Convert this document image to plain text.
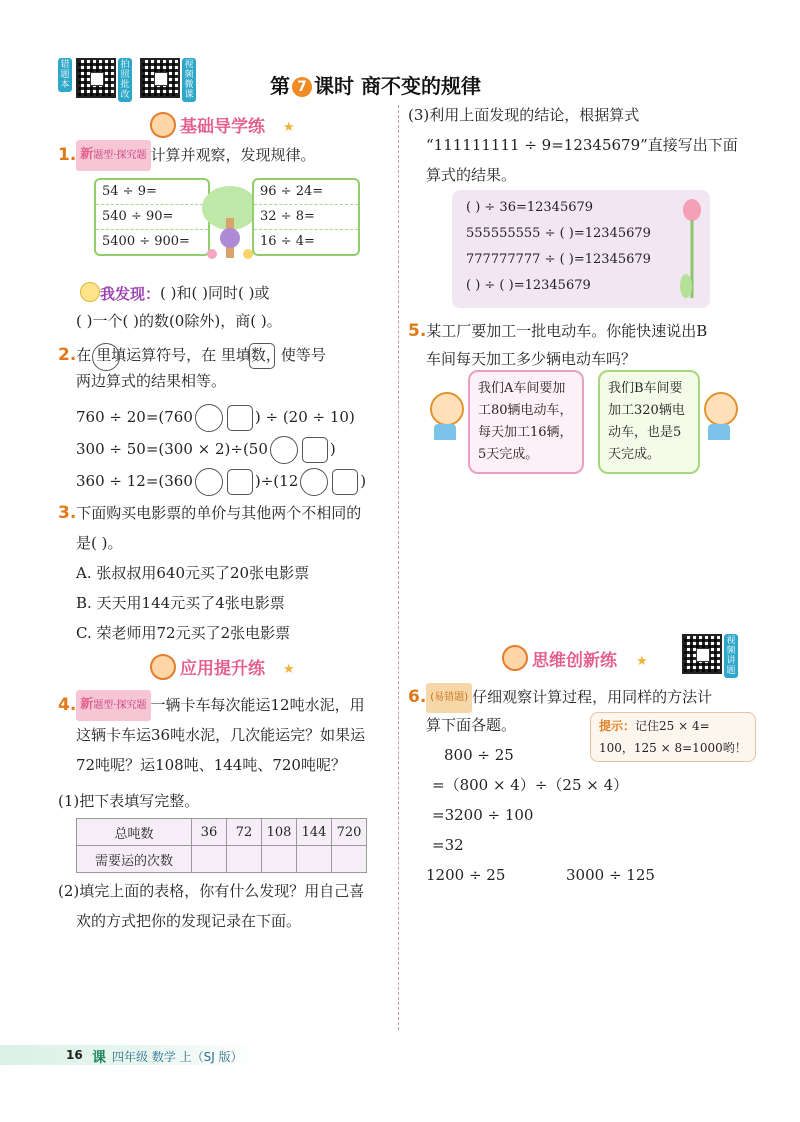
错题本
拍照批改
视频微课	第 7 课时 商不变的规律
基础导学练 ★
1. 新题型·探究题 计算并观察，发现规律。
54 ÷ 9=
540 ÷ 90=
5400 ÷ 900=
96 ÷ 24=
32 ÷ 8=
16 ÷ 4=
我发现： ( )和( )同时( )或
( )一个( )的数(0除外)，商( )。
2.在 里填运算符号，在 里填数，使等号
两边算式的结果相等。
760 ÷ 20=(760	) ÷ (20 ÷ 10)
300 ÷ 50=(300 × 2)÷(50	)
360 ÷ 12=(360	)÷(12	)
3.下面购买电影票的单价与其他两个不相同的
是( )。
A. 张叔叔用640元买了20张电影票
B. 天天用144元买了4张电影票
C. 荣老师用72元买了2张电影票
应用提升练 ★
4. 新题型·探究题 一辆卡车每次能运12吨水泥，用
这辆卡车运36吨水泥，几次能运完？如果运
72吨呢？运108吨、144吨、720吨呢？
(1)把下表填写完整。
总吨数	36	72	108	144	720
需要运的次数					
(2)填完上面的表格，你有什么发现？用自己喜
欢的方式把你的发现记录在下面。
(3)利用上面发现的结论，根据算式
“111111111 ÷ 9=12345679”直接写出下面
算式的结果。
( ) ÷ 36=12345679
555555555 ÷ ( )=12345679
777777777 ÷ ( )=12345679
( ) ÷ ( )=12345679
5.某工厂要加工一批电动车。你能快速说出B
车间每天加工多少辆电动车吗？
我们A车间要加
工80辆电动车，
每天加工16辆，
5天完成。
我们B车间要
加工320辆电
动车，也是5
天完成。
思维创新练 ★
视频讲题
6. (易错题) 仔细观察计算过程，用同样的方法计
算下面各题。	提示：记住25 × 4=
100，125 × 8=1000哟！
800 ÷ 25
=（800 × 4）÷（25 × 4）
=3200 ÷ 100
=32
1200 ÷ 25	3000 ÷ 125
16 课 四年级 数学 上（SJ 版）
